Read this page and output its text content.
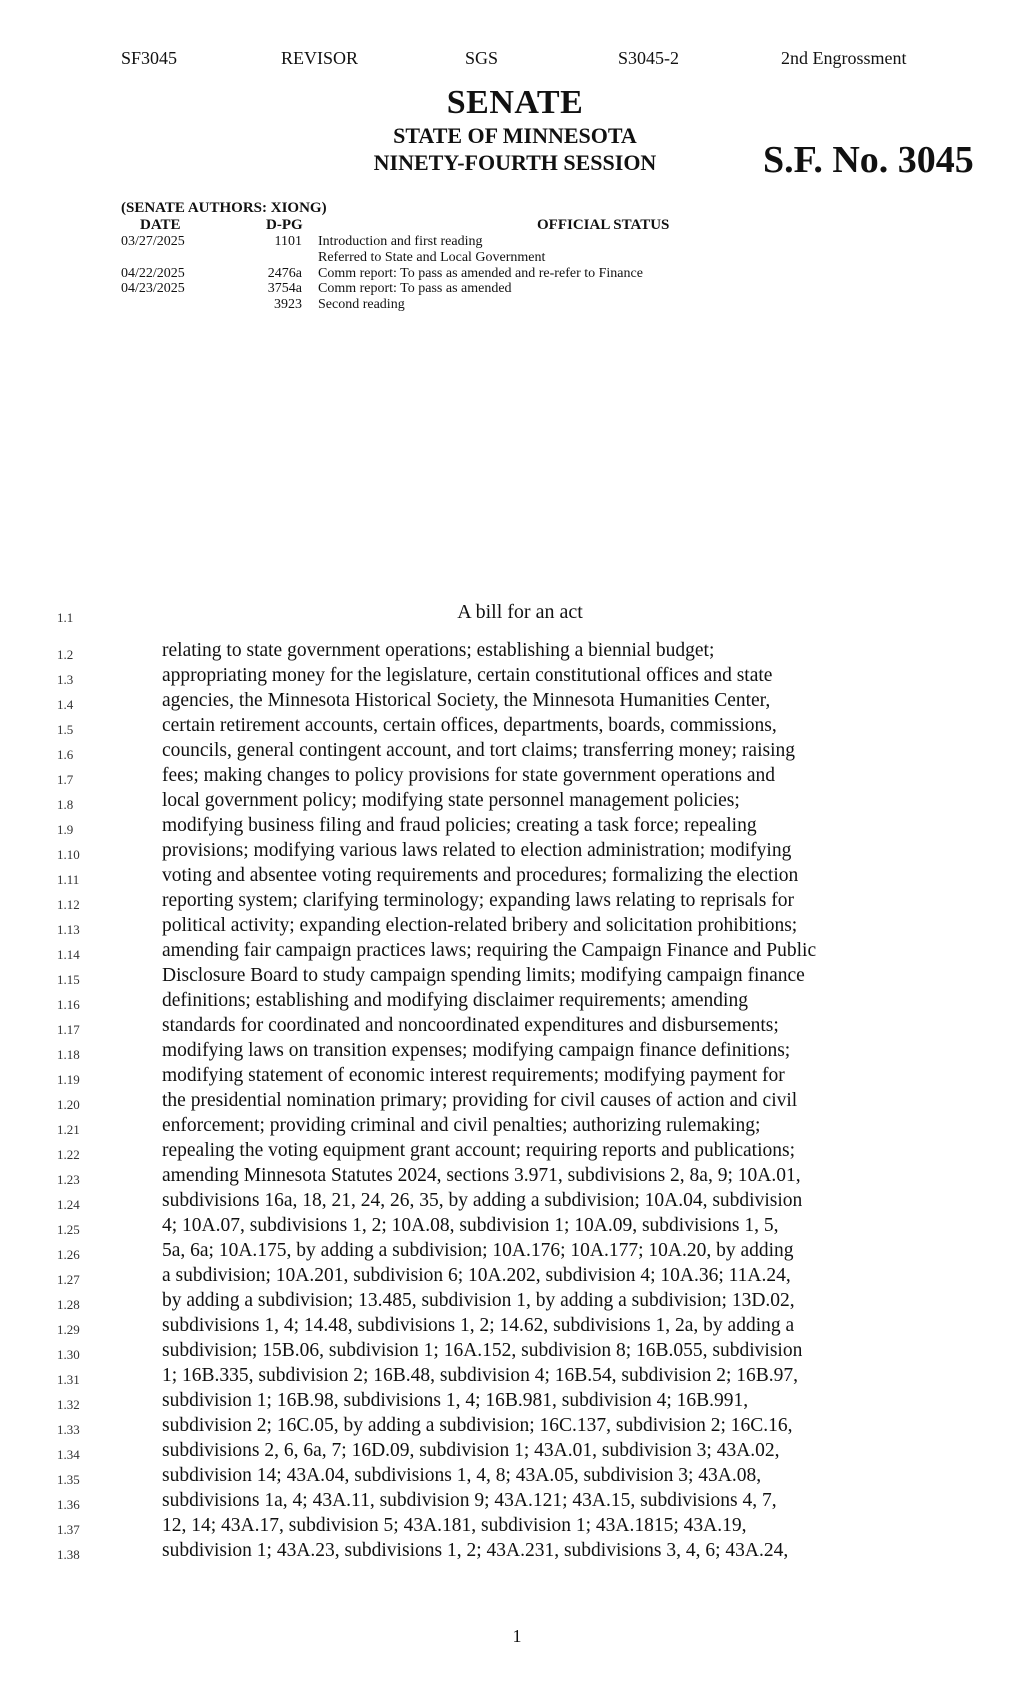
SF3045	REVISOR	SGS	S3045-2	2nd Engrossment
SENATE
STATE OF MINNESOTA
NINETY-FOURTH SESSION	S.F. No. 3045
(SENATE AUTHORS: XIONG)
DATE	D-PG	OFFICIAL STATUS
03/27/2025	1101 Introduction and first reading
Referred to State and Local Government
04/22/2025	2476a Comm report: To pass as amended and re-refer to Finance
04/23/2025	3754a Comm report: To pass as amended
3923 Second reading
1.1	A bill for an act
1.2	relating to state government operations; establishing a biennial budget;
1.3	appropriating money for the legislature, certain constitutional offices and state
1.4	agencies, the Minnesota Historical Society, the Minnesota Humanities Center,
1.5	certain retirement accounts, certain offices, departments, boards, commissions,
1.6	councils, general contingent account, and tort claims; transferring money; raising
1.7	fees; making changes to policy provisions for state government operations and
1.8	local government policy; modifying state personnel management policies;
1.9	modifying business filing and fraud policies; creating a task force; repealing
1.10	provisions; modifying various laws related to election administration; modifying
1.11	voting and absentee voting requirements and procedures; formalizing the election
1.12	reporting system; clarifying terminology; expanding laws relating to reprisals for
1.13	political activity; expanding election-related bribery and solicitation prohibitions;
1.14	amending fair campaign practices laws; requiring the Campaign Finance and Public
1.15	Disclosure Board to study campaign spending limits; modifying campaign finance
1.16	definitions; establishing and modifying disclaimer requirements; amending
1.17	standards for coordinated and noncoordinated expenditures and disbursements;
1.18	modifying laws on transition expenses; modifying campaign finance definitions;
1.19	modifying statement of economic interest requirements; modifying payment for
1.20	the presidential nomination primary; providing for civil causes of action and civil
1.21	enforcement; providing criminal and civil penalties; authorizing rulemaking;
1.22	repealing the voting equipment grant account; requiring reports and publications;
1.23	amending Minnesota Statutes 2024, sections 3.971, subdivisions 2, 8a, 9; 10A.01,
1.24	subdivisions 16a, 18, 21, 24, 26, 35, by adding a subdivision; 10A.04, subdivision
1.25	4; 10A.07, subdivisions 1, 2; 10A.08, subdivision 1; 10A.09, subdivisions 1, 5,
1.26	5a, 6a; 10A.175, by adding a subdivision; 10A.176; 10A.177; 10A.20, by adding
1.27	a subdivision; 10A.201, subdivision 6; 10A.202, subdivision 4; 10A.36; 11A.24,
1.28	by adding a subdivision; 13.485, subdivision 1, by adding a subdivision; 13D.02,
1.29	subdivisions 1, 4; 14.48, subdivisions 1, 2; 14.62, subdivisions 1, 2a, by adding a
1.30	subdivision; 15B.06, subdivision 1; 16A.152, subdivision 8; 16B.055, subdivision
1.31	1; 16B.335, subdivision 2; 16B.48, subdivision 4; 16B.54, subdivision 2; 16B.97,
1.32	subdivision 1; 16B.98, subdivisions 1, 4; 16B.981, subdivision 4; 16B.991,
1.33	subdivision 2; 16C.05, by adding a subdivision; 16C.137, subdivision 2; 16C.16,
1.34	subdivisions 2, 6, 6a, 7; 16D.09, subdivision 1; 43A.01, subdivision 3; 43A.02,
1.35	subdivision 14; 43A.04, subdivisions 1, 4, 8; 43A.05, subdivision 3; 43A.08,
1.36	subdivisions 1a, 4; 43A.11, subdivision 9; 43A.121; 43A.15, subdivisions 4, 7,
1.37	12, 14; 43A.17, subdivision 5; 43A.181, subdivision 1; 43A.1815; 43A.19,
1.38	subdivision 1; 43A.23, subdivisions 1, 2; 43A.231, subdivisions 3, 4, 6; 43A.24,
1
